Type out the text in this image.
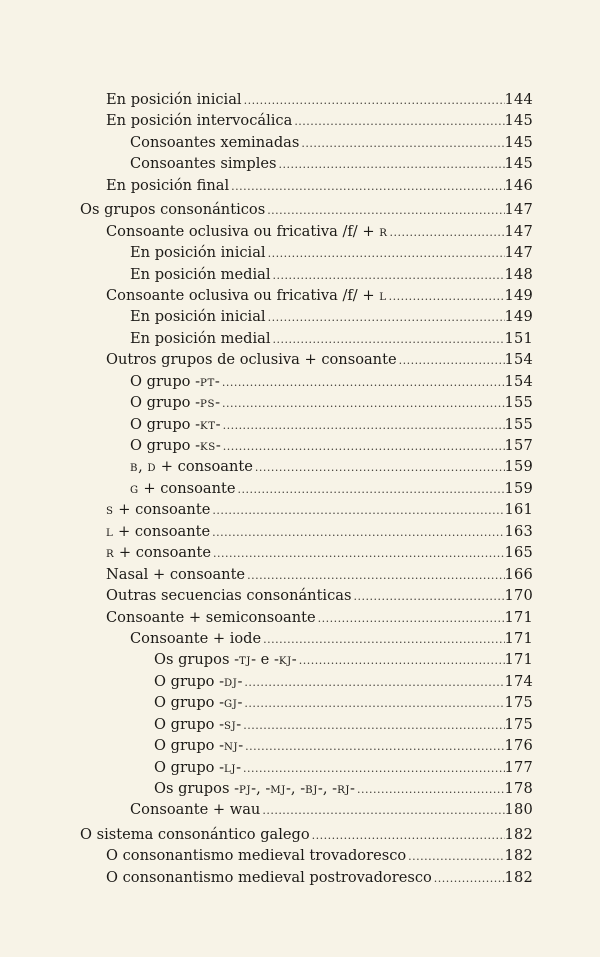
En posición inicial .....	144
En posición intervocálica .....	145
Consoantes xeminadas .....	145
Consoantes simples .....	145
En posición final .....	146
Os grupos consonánticos .....	147
Consoante oclusiva ou fricativa /f/ + R .....	147
En posición inicial .....	147
En posición medial .....	148
Consoante oclusiva ou fricativa /f/ + L .....	149
En posición inicial .....	149
En posición medial .....	151
Outros grupos de oclusiva + consoante .....	154
O grupo -PT- .....	154
O grupo -PS- .....	155
O grupo -KT- .....	155
O grupo -KS- .....	157
B, D + consoante .....	159
G + consoante .....	159
S + consoante .....	161
L + consoante .....	163
R + consoante .....	165
Nasal + consoante .....	166
Outras secuencias consonánticas .....	170
Consoante + semiconsoante .....	171
Consoante + iode .....	171
Os grupos -TJ- e -KJ- .....	171
O grupo -DJ- .....	174
O grupo -GJ- .....	175
O grupo -SJ- .....	175
O grupo -NJ- .....	176
O grupo -LJ- .....	177
Os grupos -PJ-, -MJ-, -BJ-, -RJ- .....	178
Consoante + wau .....	180
O sistema consonántico galego .....	182
O consonantismo medieval trovadoresco .....	182
O consonantismo medieval postrovadoresco .....	182
